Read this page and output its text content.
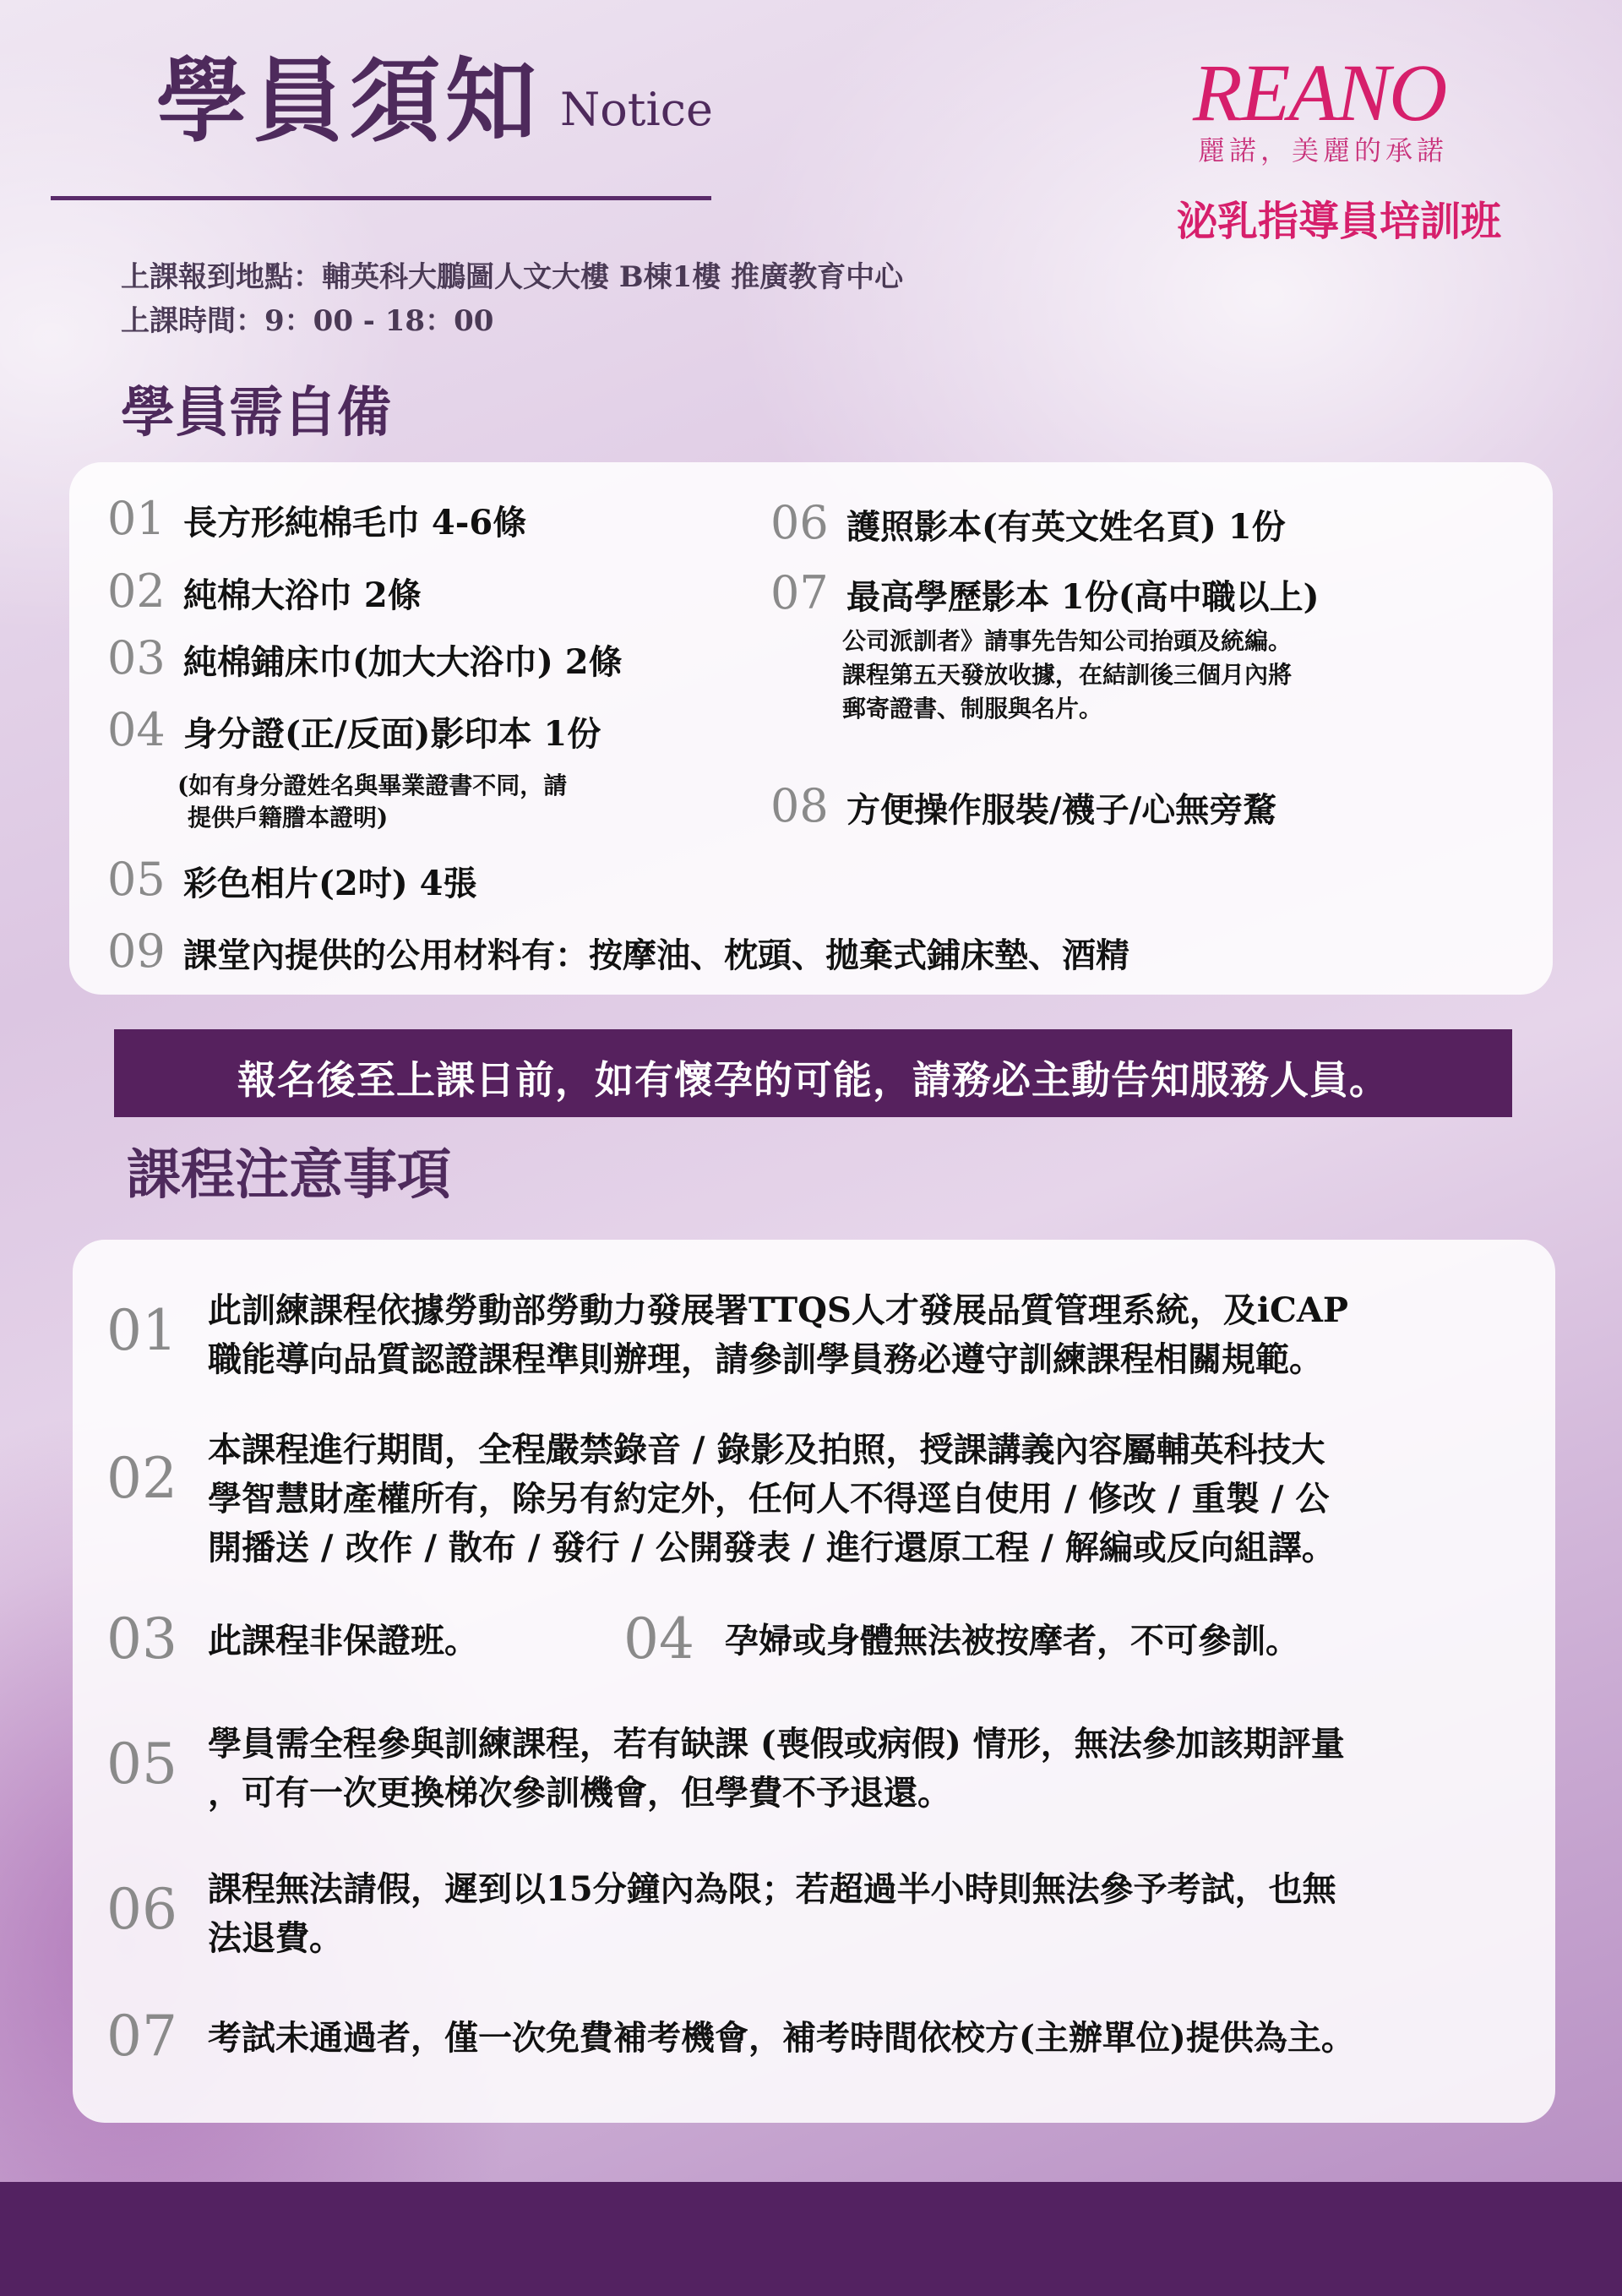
學員須知 Notice	REANO
麗諾，美麗的承諾
泌乳指導員培訓班
上課報到地點：輔英科大鵬圖人文大樓 B棟1樓 推廣教育中心
上課時間：9：00 - 18：00
學員需自備
01 長方形純棉毛巾 4-6條
02 純棉大浴巾 2條
03 純棉鋪床巾(加大大浴巾) 2條
04 身分證(正/反面)影印本 1份
(如有身分證姓名與畢業證書不同，請
提供戶籍謄本證明)
05 彩色相片(2吋) 4張
06 護照影本(有英文姓名頁) 1份
07 最高學歷影本 1份(高中職以上)
公司派訓者》請事先告知公司抬頭及統編。
課程第五天發放收據，在結訓後三個月內將
郵寄證書、制服與名片。
08 方便操作服裝/襪子/心無旁騖
09 課堂內提供的公用材料有：按摩油、枕頭、拋棄式鋪床墊、酒精
報名後至上課日前，如有懷孕的可能，請務必主動告知服務人員。
課程注意事項
01 此訓練課程依據勞動部勞動力發展署TTQS人才發展品質管理系統，及iCAP
職能導向品質認證課程準則辦理，請參訓學員務必遵守訓練課程相關規範。
02 本課程進行期間，全程嚴禁錄音 / 錄影及拍照，授課講義內容屬輔英科技大
學智慧財產權所有，除另有約定外，任何人不得逕自使用 / 修改 / 重製 / 公
開播送 / 改作 / 散布 / 發行 / 公開發表 / 進行還原工程 / 解編或反向組譯。
03 此課程非保證班。	04 孕婦或身體無法被按摩者，不可參訓。
05 學員需全程參與訓練課程，若有缺課 (喪假或病假) 情形，無法參加該期評量
，可有一次更換梯次參訓機會，但學費不予退還。
06 課程無法請假，遲到以15分鐘內為限；若超過半小時則無法參予考試，也無
法退費。
07 考試未通過者，僅一次免費補考機會，補考時間依校方(主辦單位)提供為主。
